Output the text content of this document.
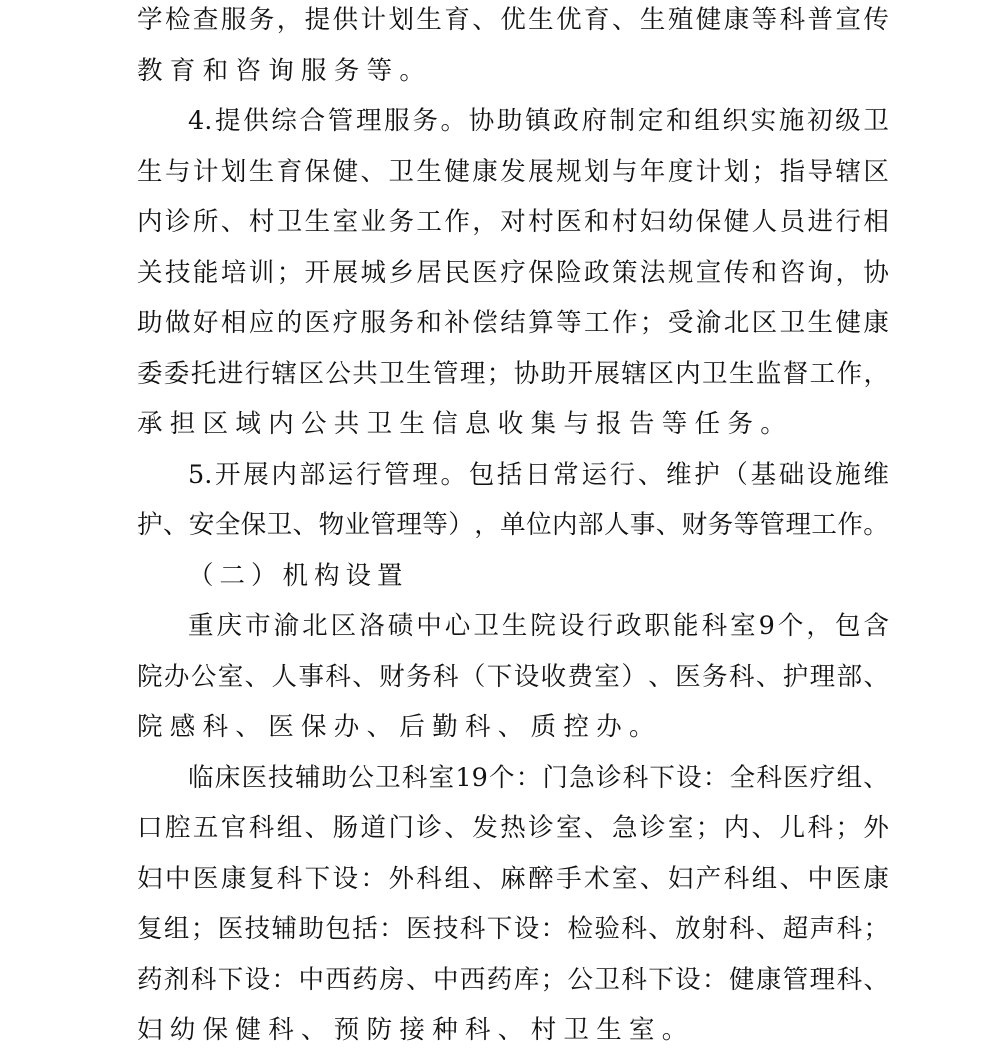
学 检 查 服 务 ， 提 供 计 划 生 育 、 优 生 优 育 、 生 殖 健 康 等 科 普 宣 传
教育和咨询服务等。
4. 提 供 综 合 管 理 服 务 。 协 助 镇 政 府 制 定 和 组 织 实 施 初 级 卫
生 与 计 划 生 育 保 健 、 卫 生 健 康 发 展 规 划 与 年 度 计 划 ； 指 导 辖 区
内 诊 所 、 村 卫 生 室 业 务 工 作 ， 对 村 医 和 村 妇 幼 保 健 人 员 进 行 相
关 技 能 培 训 ； 开 展 城 乡 居 民 医 疗 保 险 政 策 法 规 宣 传 和 咨 询 ， 协
助 做 好 相 应 的 医 疗 服 务 和 补 偿 结 算 等 工 作 ； 受 渝 北 区 卫 生 健 康
委 委 托 进 行 辖 区 公 共 卫 生 管 理 ； 协 助 开 展 辖 区 内 卫 生 监 督 工 作 ，
承担区域内公共卫生信息收集与报告等任务。
5. 开 展 内 部 运 行 管 理 。 包 括 日 常 运 行 、 维 护 （ 基 础 设 施 维
护 、 安 全 保 卫 、 物 业 管 理 等 ） ， 单 位 内 部 人 事 、 财 务 等 管 理 工 作 。
（二）机构设置
重 庆 市 渝 北 区 洛 碛 中 心 卫 生 院 设 行 政 职 能 科 室 9 个 ， 包 含
院 办 公 室 、 人 事 科 、 财 务 科 （ 下 设 收 费 室 ） 、 医 务 科 、 护 理 部 、
院感科、医保办、后勤科、质控办。
临 床 医 技 辅 助 公 卫 科 室 19 个 ： 门 急 诊 科 下 设 ： 全 科 医 疗 组 、
口 腔 五 官 科 组 、 肠 道 门 诊 、 发 热 诊 室 、 急 诊 室 ； 内 、 儿 科 ； 外
妇 中 医 康 复 科 下 设 ： 外 科 组 、 麻 醉 手 术 室 、 妇 产 科 组 、 中 医 康
复 组 ； 医 技 辅 助 包 括 ： 医 技 科 下 设 ： 检 验 科 、 放 射 科 、 超 声 科 ；
药 剂 科 下 设 ： 中 西 药 房 、 中 西 药 库 ； 公 卫 科 下 设 ： 健 康 管 理 科 、
妇幼保健科、预防接种科、村卫生室。
